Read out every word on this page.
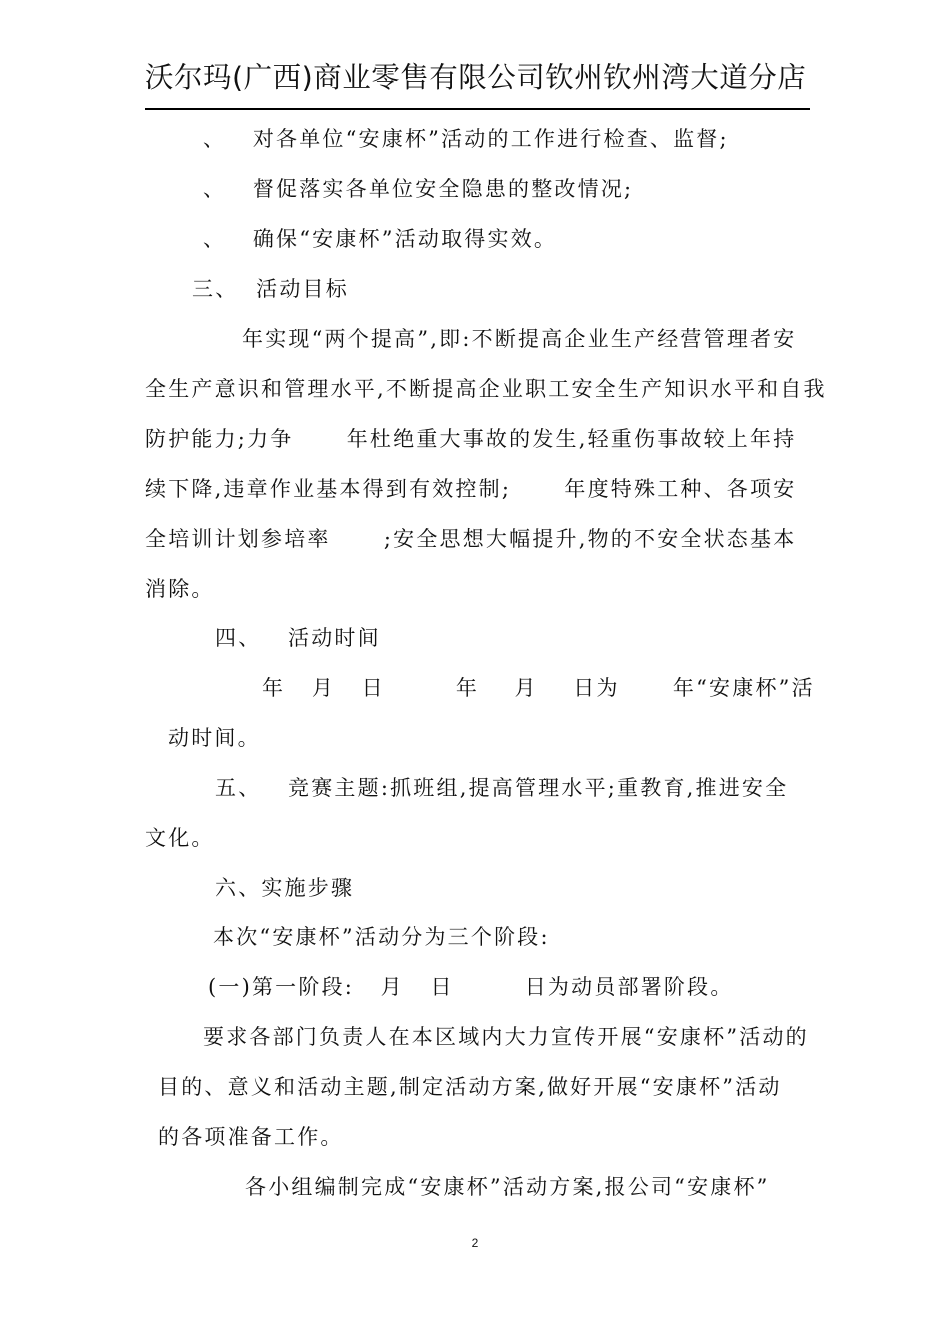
沃尔玛(广西)商业零售有限公司钦州钦州湾大道分店
、   对各单位“安康杯”活动的工作进行检查、监督;
、   督促落实各单位安全隐患的整改情况;
、   确保“安康杯”活动取得实效。
三、  活动目标
年实现“两个提高”,即:不断提高企业生产经营管理者安
全生产意识和管理水平,不断提高企业职工安全生产知识水平和自我
防护能力;力争      年杜绝重大事故的发生,轻重伤事故较上年持
续下降,违章作业基本得到有效控制;      年度特殊工种、各项安
全培训计划参培率      ;安全思想大幅提升,物的不安全状态基本
消除。
四、   活动时间
年   月   日        年    月    日为      年“安康杯”活
动时间。
五、   竞赛主题:抓班组,提高管理水平;重教育,推进安全
文化。
六、实施步骤
本次“安康杯”活动分为三个阶段:
(一)第一阶段:   月   日        日为动员部署阶段。
要求各部门负责人在本区域内大力宣传开展“安康杯”活动的
目的、意义和活动主题,制定活动方案,做好开展“安康杯”活动
的各项准备工作。
各小组编制完成“安康杯”活动方案,报公司“安康杯”
2
